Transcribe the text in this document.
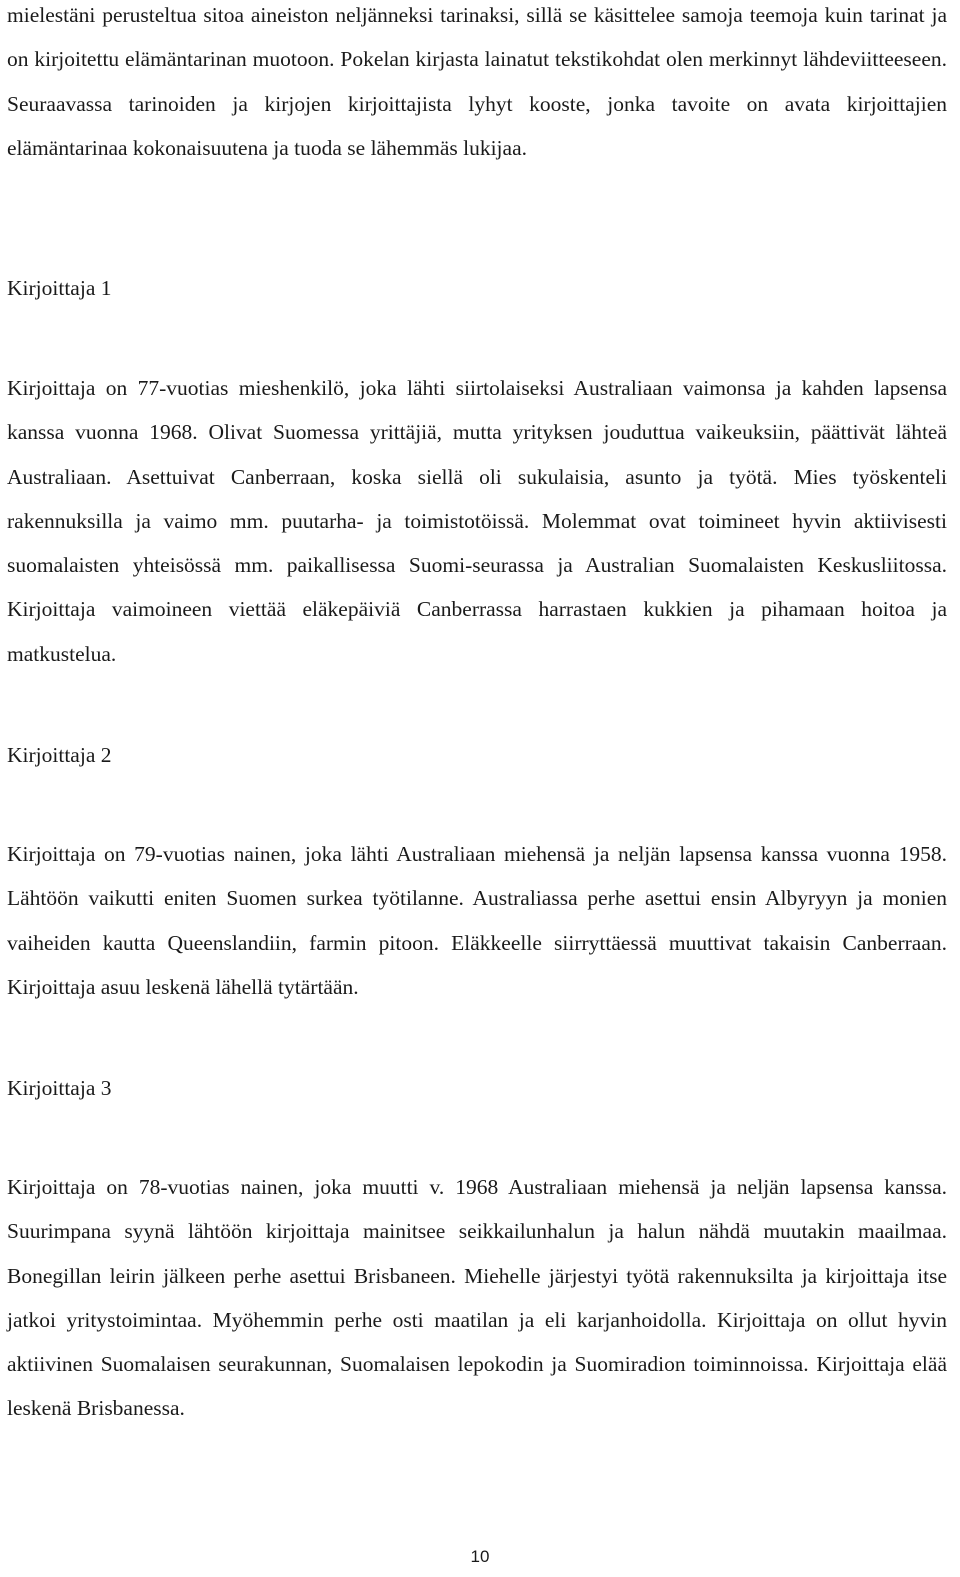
mielestäni perusteltua sitoa aineiston neljänneksi tarinaksi, sillä se käsittelee samoja teemoja kuin tarinat ja on kirjoitettu elämäntarinan muotoon. Pokelan kirjasta lainatut tekstikohdat olen merkinnyt lähdeviitteeseen. Seuraavassa tarinoiden ja kirjojen kirjoittajista lyhyt kooste, jonka tavoite on avata kirjoittajien elämäntarinaa kokonaisuutena ja tuoda se lähemmäs lukijaa.

Kirjoittaja 1

Kirjoittaja on 77-vuotias mieshenkilö, joka lähti siirtolaiseksi Australiaan vaimonsa ja kahden lapsensa kanssa vuonna 1968. Olivat Suomessa yrittäjiä, mutta yrityksen jouduttua vaikeuksiin, päättivät lähteä Australiaan. Asettuivat Canberraan, koska siellä oli sukulaisia, asunto ja työtä. Mies työskenteli rakennuksilla ja vaimo mm. puutarha- ja toimistotöissä. Molemmat ovat toimineet hyvin aktiivisesti suomalaisten yhteisössä mm. paikallisessa Suomi-seurassa ja Australian Suomalaisten Keskusliitossa. Kirjoittaja vaimoineen viettää eläkepäiviä Canberrassa harrastaen kukkien ja pihamaan hoitoa ja matkustelua.

Kirjoittaja 2

Kirjoittaja on 79-vuotias nainen, joka lähti Australiaan miehensä ja neljän lapsensa kanssa vuonna 1958. Lähtöön vaikutti eniten Suomen surkea työtilanne. Australiassa perhe asettui ensin Albyryyn ja monien vaiheiden kautta Queenslandiin, farmin pitoon. Eläkkeelle siirryttäessä muuttivat takaisin Canberraan. Kirjoittaja asuu leskenä lähellä tytärtään.

Kirjoittaja 3

Kirjoittaja on 78-vuotias nainen, joka muutti v. 1968 Australiaan miehensä ja neljän lapsensa kanssa. Suurimpana syynä lähtöön kirjoittaja mainitsee seikkailunhalun ja halun nähdä muutakin maailmaa. Bonegillan leirin jälkeen perhe asettui Brisbaneen. Miehelle järjestyi työtä rakennuksilta ja kirjoittaja itse jatkoi yritystoimintaa. Myöhemmin perhe osti maatilan ja eli karjanhoidolla. Kirjoittaja on ollut hyvin aktiivinen Suomalaisen seurakunnan, Suomalaisen lepokodin ja Suomiradion toiminnoissa. Kirjoittaja elää leskenä Brisbanessa.

10
